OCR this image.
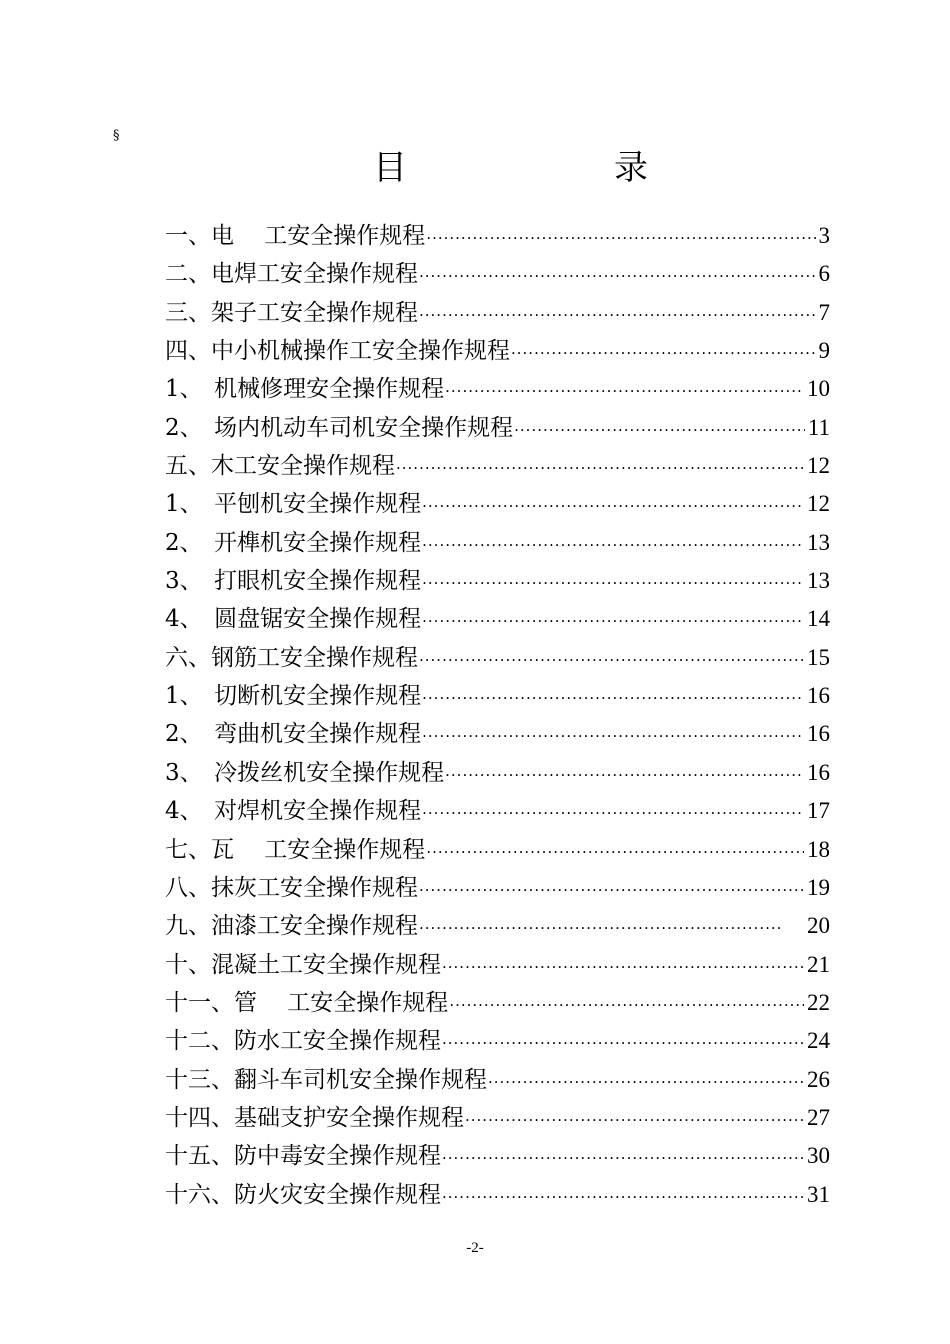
§
目	录
一、电　 工安全操作规程 ·····	3
二、电焊工安全操作规程 ·····	6
三、架子工安全操作规程 ·····	7
四、中小机械操作工安全操作规程 ·····	9
1、　机械修理安全操作规程 ·····	10
2、　场内机动车司机安全操作规程 ·····	11
五、木工安全操作规程 ·····	12
1、　平刨机安全操作规程 ·····	12
2、　开榫机安全操作规程 ·····	13
3、　打眼机安全操作规程 ·····	13
4、　圆盘锯安全操作规程 ·····	14
六、钢筋工安全操作规程 ·····	15
1、　切断机安全操作规程 ·····	16
2、　弯曲机安全操作规程 ·····	16
3、　冷拨丝机安全操作规程 ·····	16
4、　对焊机安全操作规程 ·····	17
七、瓦　 工安全操作规程 ·····	18
八、抹灰工安全操作规程 ·····	19
九、油漆工安全操作规程 ·····	20
十、混凝土工安全操作规程 ·····	21
十一、管　 工安全操作规程 ·····	22
十二、防水工安全操作规程 ·····	24
十三、翻斗车司机安全操作规程 ·····	26
十四、基础支护安全操作规程 ·····	27
十五、防中毒安全操作规程 ·····	30
十六、防火灾安全操作规程 ·····	31
-2-
